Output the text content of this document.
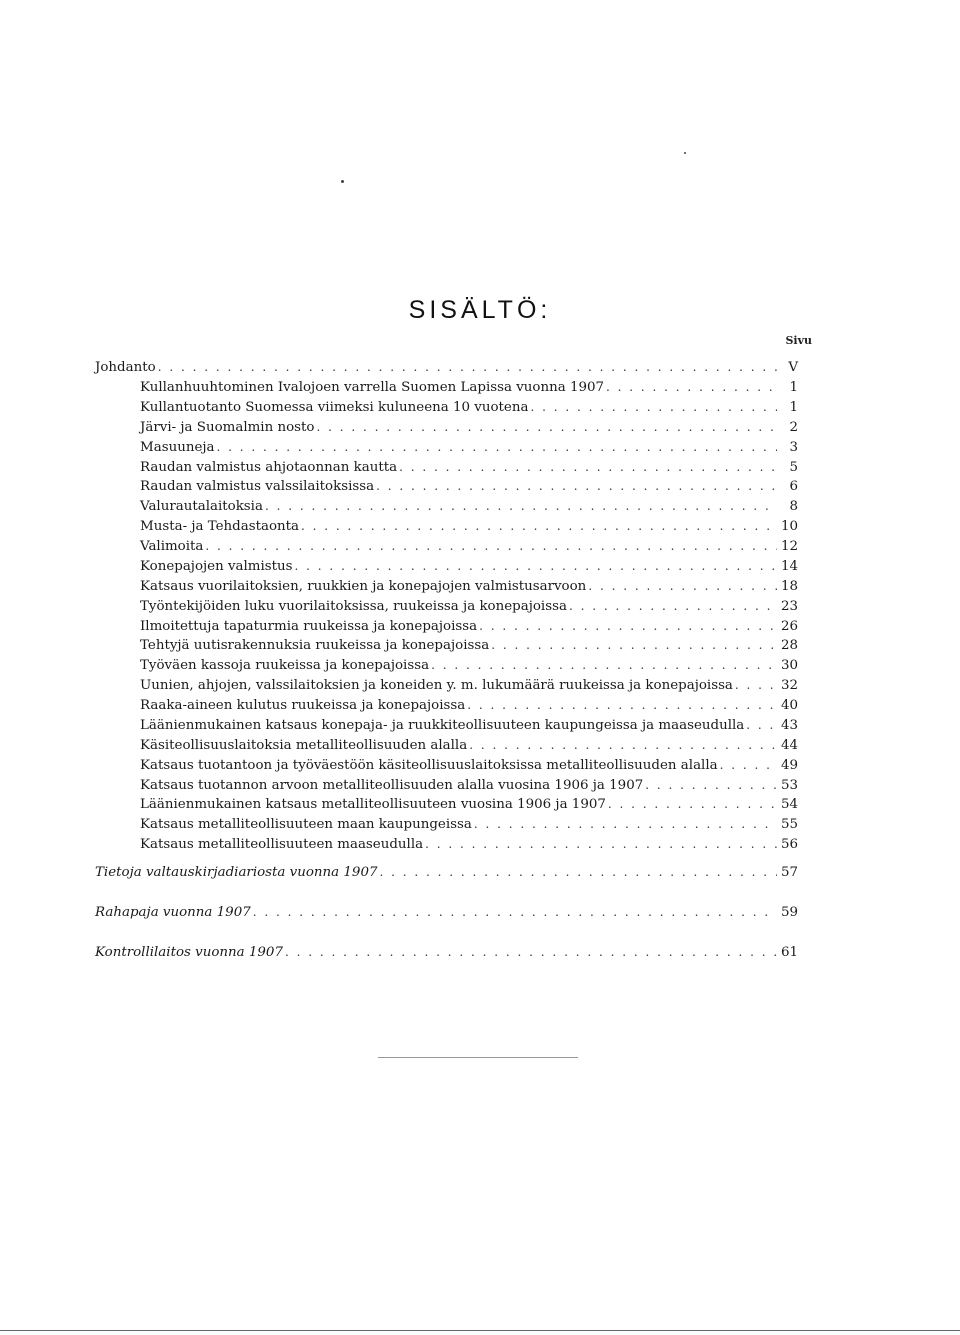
SISÄLTÖ:
Sivu
Johdanto . . .	V
Kullanhuuhtominen Ivalojoen varrella Suomen Lapissa vuonna 1907 . . .	1
Kullantuotanto Suomessa viimeksi kuluneena 10 vuotena . . .	1
Järvi- ja Suomalmin nosto . . .	2
Masuuneja . . .	3
Raudan valmistus ahjotaonnan kautta . . .	5
Raudan valmistus valssilaitoksissa . . .	6
Valurautalaitoksia . . .	8
Musta- ja Tehdastaonta . . .	10
Valimoita . . .	12
Konepajojen valmistus . . .	14
Katsaus vuorilaitoksien, ruukkien ja konepajojen valmistusarvoon . . .	18
Työntekijöiden luku vuorilaitoksissa, ruukeissa ja konepajoissa . . .	23
Ilmoitettuja tapaturmia ruukeissa ja konepajoissa . . .	26
Tehtyjä uutisrakennuksia ruukeissa ja konepajoissa . . .	28
Työväen kassoja ruukeissa ja konepajoissa . . .	30
Uunien, ahjojen, valssilaitoksien ja koneiden y. m. lukumäärä ruukeissa ja konepajoissa . . .	32
Raaka-aineen kulutus ruukeissa ja konepajoissa . . .	40
Läänienmukainen katsaus konepaja- ja ruukkiteollisuuteen kaupungeissa ja maaseudulla . . .	43
Käsiteollisuuslaitoksia metalliteollisuuden alalla . . .	44
Katsaus tuotantoon ja työväestöön käsiteollisuuslaitoksissa metalliteollisuuden alalla . . .	49
Katsaus tuotannon arvoon metalliteollisuuden alalla vuosina 1906 ja 1907 . . .	53
Läänienmukainen katsaus metalliteollisuuteen vuosina 1906 ja 1907 . . .	54
Katsaus metalliteollisuuteen maan kaupungeissa . . .	55
Katsaus metalliteollisuuteen maaseudulla . . .	56
Tietoja valtauskirjadiariosta vuonna 1907 . . .	57
Rahapaja vuonna 1907 . . .	59
Kontrollilaitos vuonna 1907 . . .	61
